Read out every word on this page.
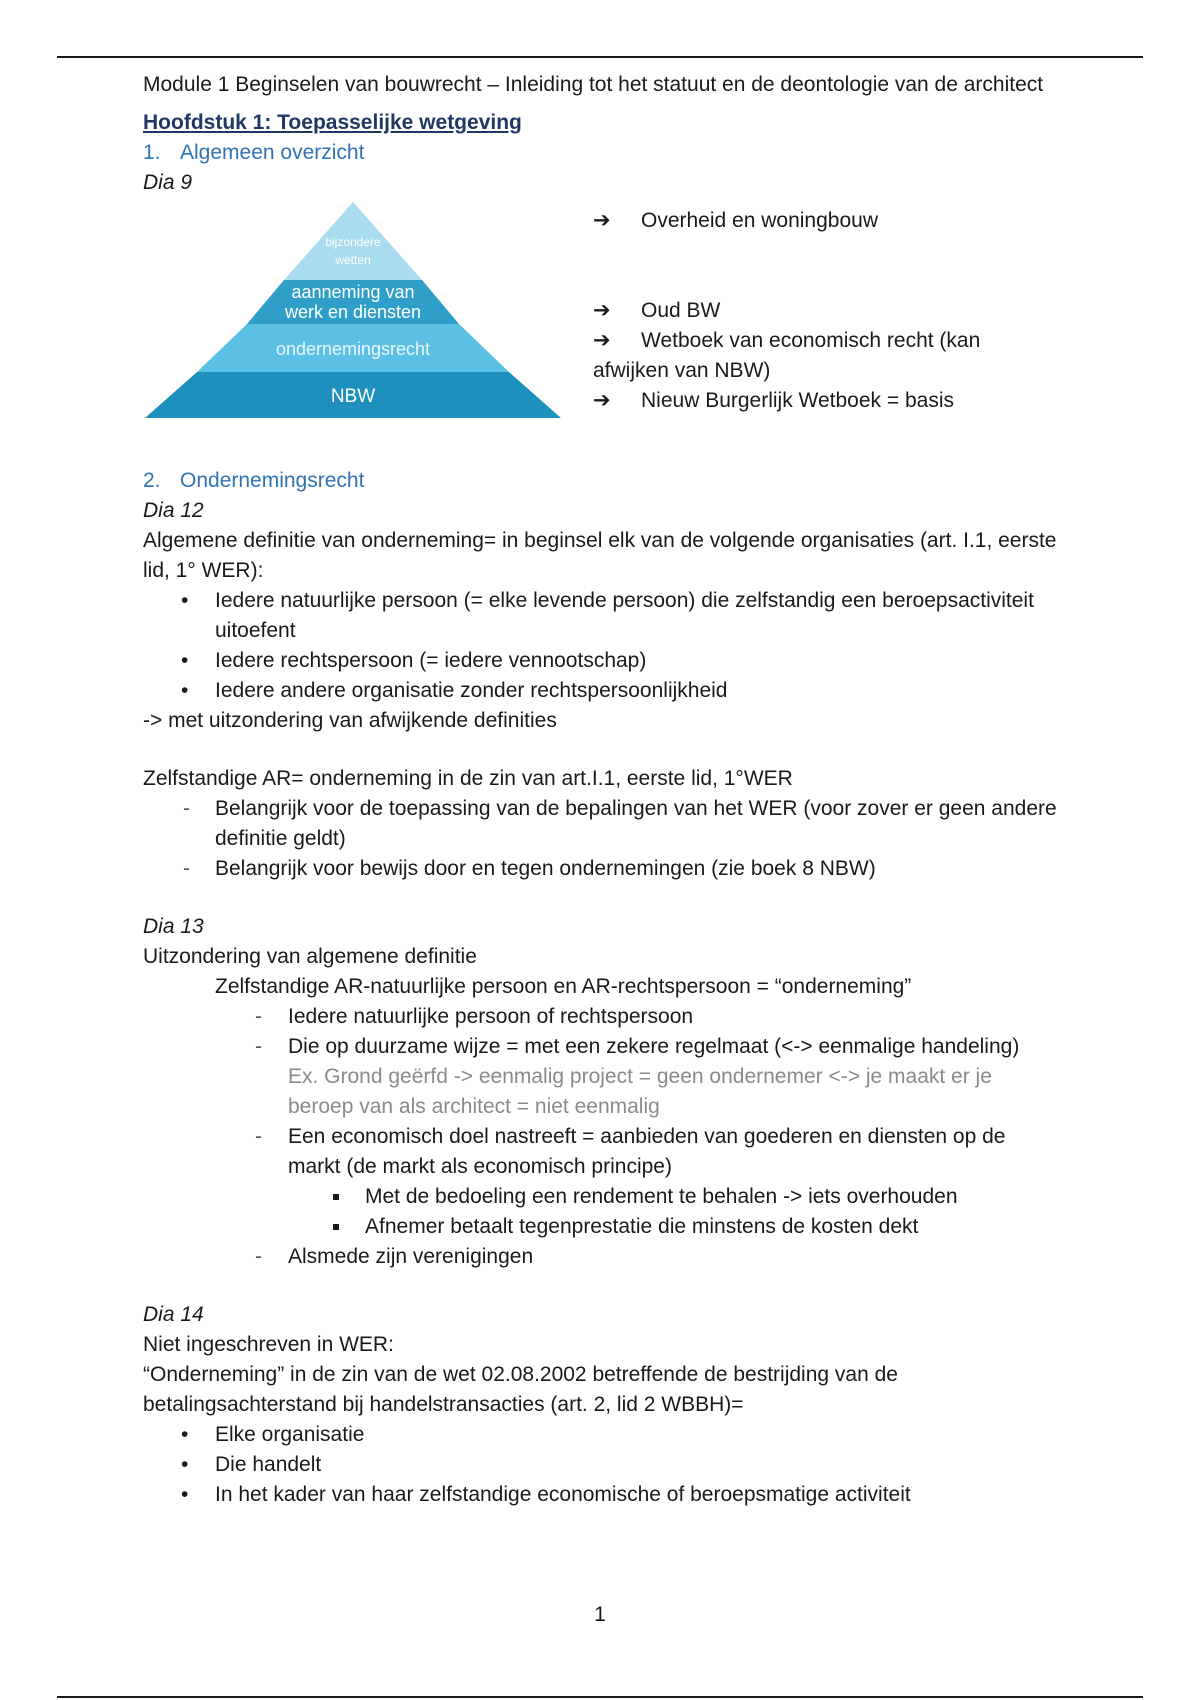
Module 1 Beginselen van bouwrecht – Inleiding tot het statuut en de deontologie van de architect

Hoofdstuk 1: Toepasselijke wetgeving

1. Algemeen overzicht

Dia 9

bijzondere
wetten
aanneming van
werk en diensten
ondernemingsrecht
NBW

➔ Overheid en woningbouw

➔ Oud BW

➔ Wetboek van economisch recht (kan

afwijken van NBW)

➔ Nieuw Burgerlijk Wetboek = basis

2. Ondernemingsrecht

Dia 12

Algemene definitie van onderneming= in beginsel elk van de volgende organisaties (art. I.1, eerste lid, 1° WER):

• Iedere natuurlijke persoon (= elke levende persoon) die zelfstandig een beroepsactiviteit uitoefent
• Iedere rechtspersoon (= iedere vennootschap)
• Iedere andere organisatie zonder rechtspersoonlijkheid

-> met uitzondering van afwijkende definities

Zelfstandige AR= onderneming in de zin van art.I.1, eerste lid, 1°WER

- Belangrijk voor de toepassing van de bepalingen van het WER (voor zover er geen andere definitie geldt)
- Belangrijk voor bewijs door en tegen ondernemingen (zie boek 8 NBW)

Dia 13

Uitzondering van algemene definitie

Zelfstandige AR-natuurlijke persoon en AR-rechtspersoon = “onderneming”

- Iedere natuurlijke persoon of rechtspersoon
- Die op duurzame wijze = met een zekere regelmaat (<-> eenmalige handeling)
Ex. Grond geërfd -> eenmalig project = geen ondernemer <-> je maakt er je beroep van als architect = niet eenmalig
- Een economisch doel nastreeft = aanbieden van goederen en diensten op de markt (de markt als economisch principe)
Met de bedoeling een rendement te behalen -> iets overhouden
Afnemer betaalt tegenprestatie die minstens de kosten dekt
- Alsmede zijn verenigingen

Dia 14

Niet ingeschreven in WER:

“Onderneming” in de zin van de wet 02.08.2002 betreffende de bestrijding van de betalingsachterstand bij handelstransacties (art. 2, lid 2 WBBH)=

• Elke organisatie
• Die handelt
• In het kader van haar zelfstandige economische of beroepsmatige activiteit
1
